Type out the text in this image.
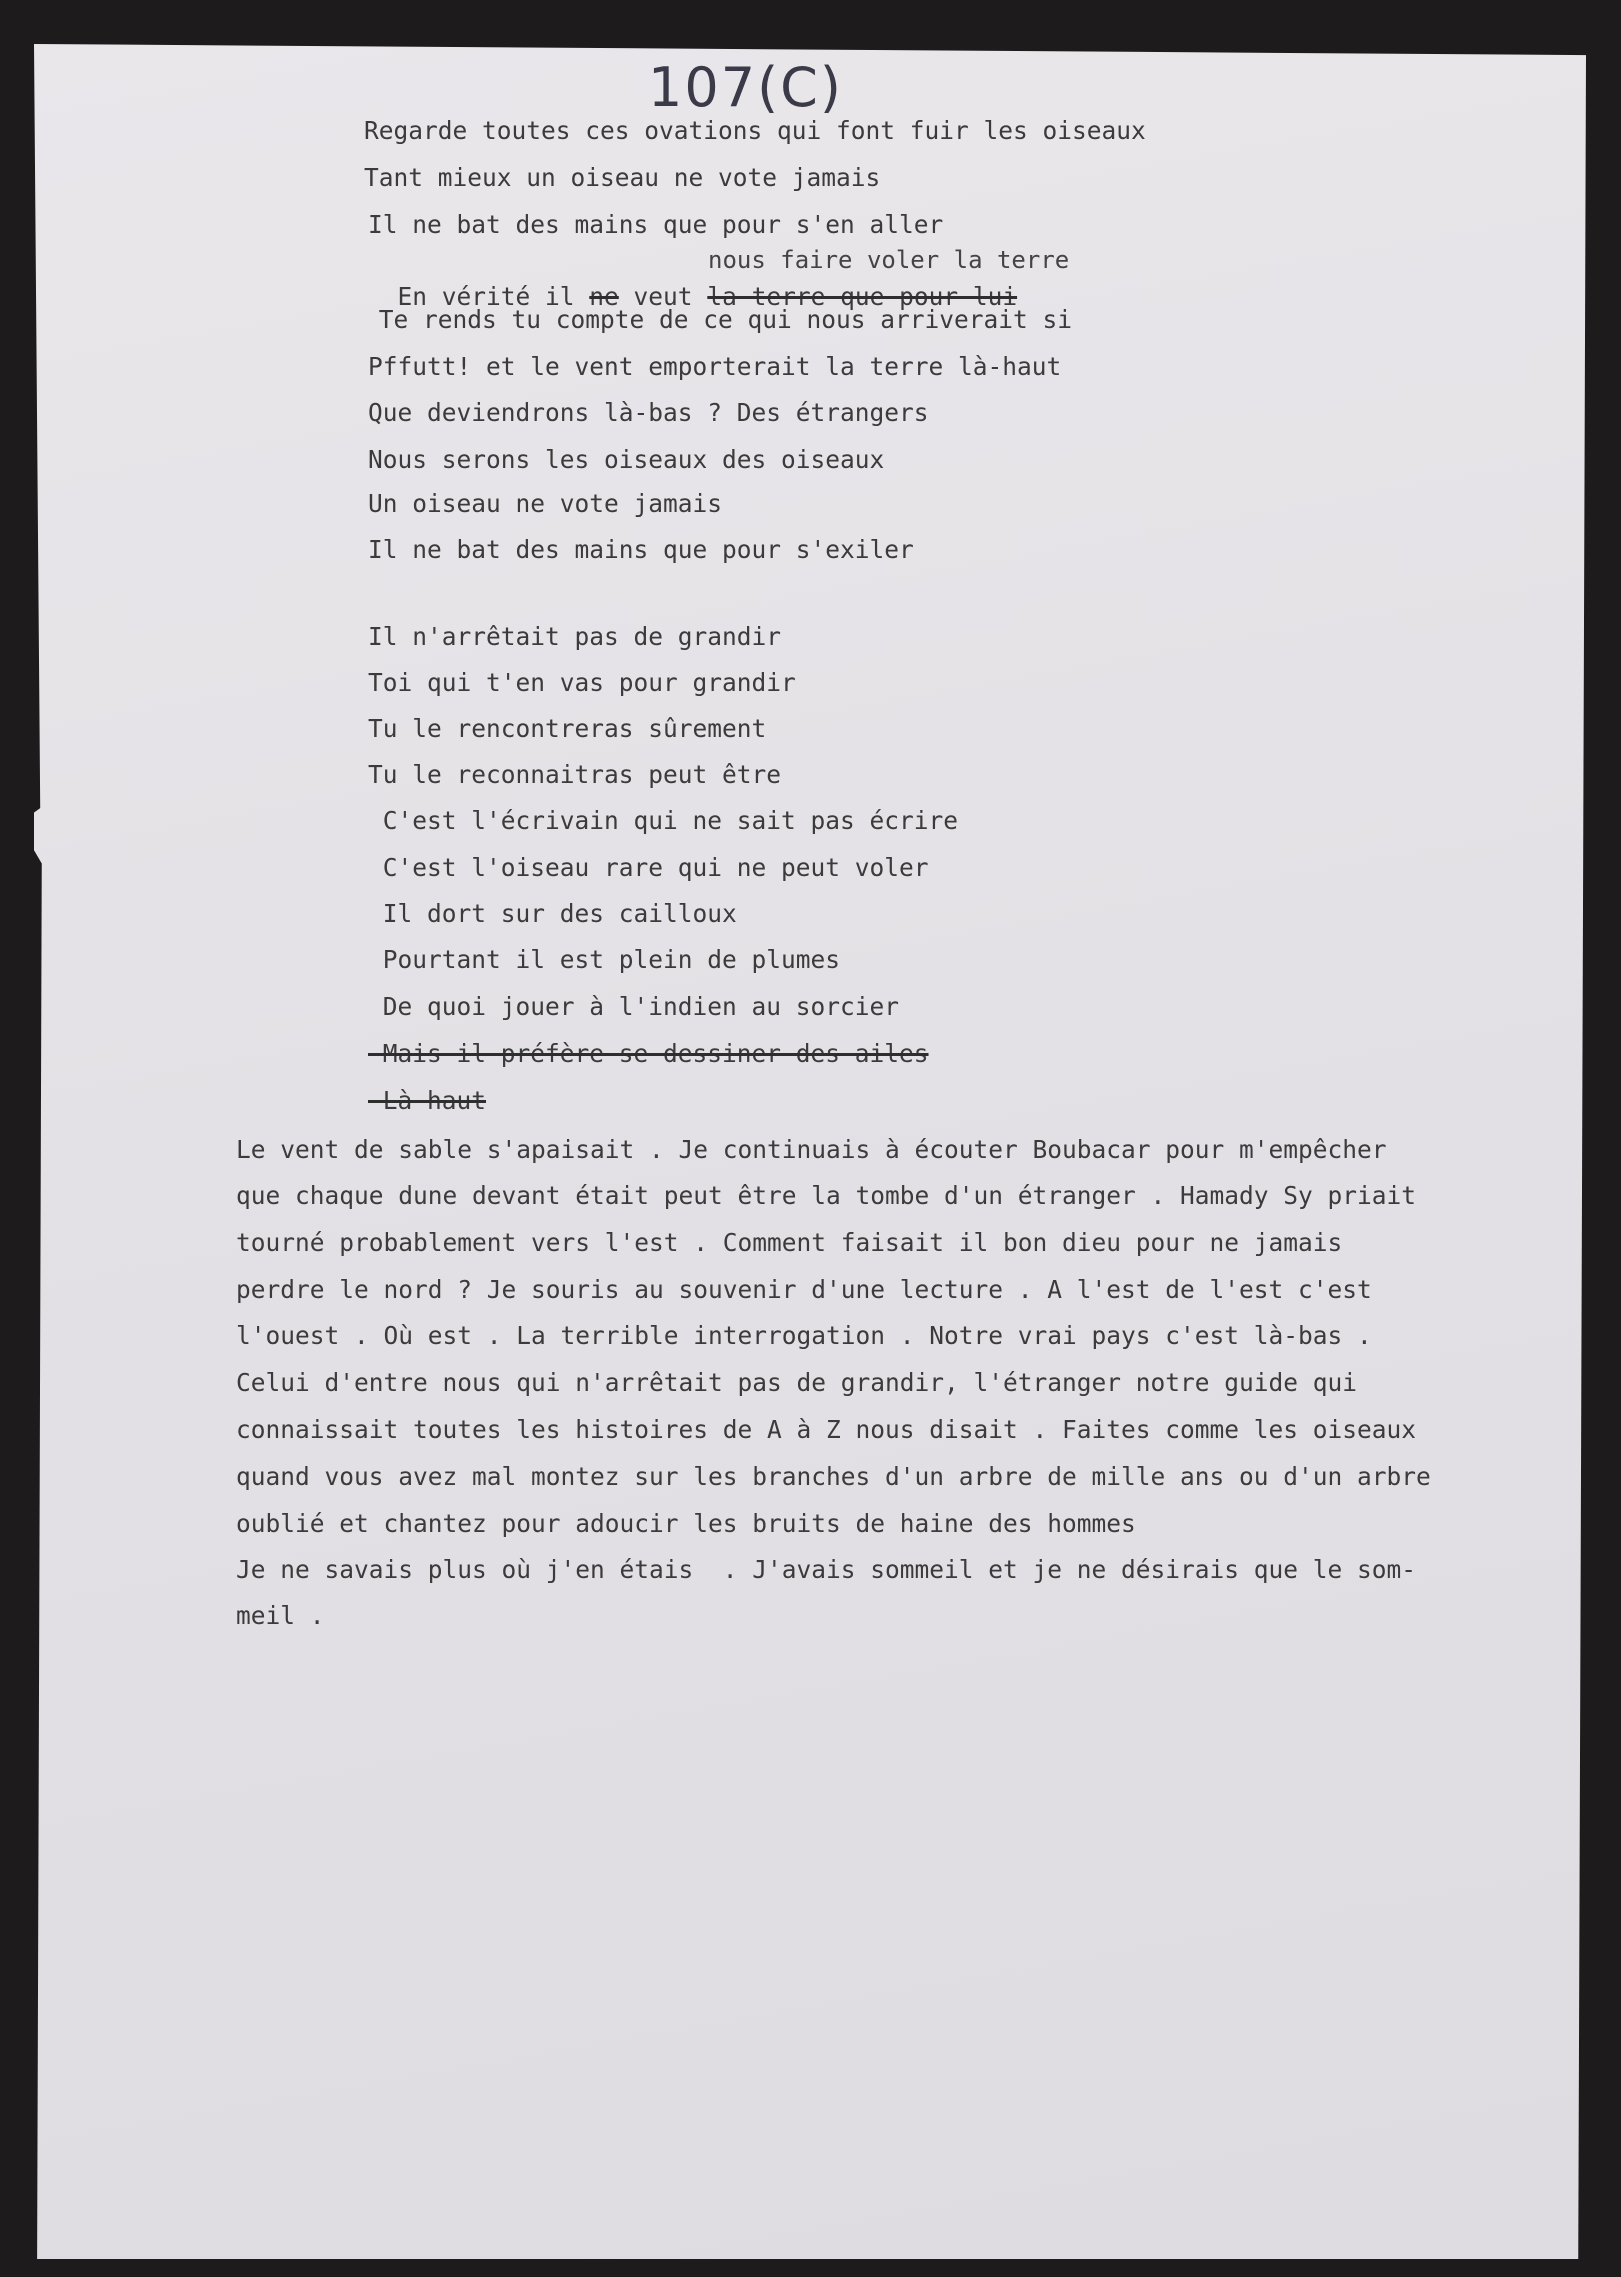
107(C)

Regarde toutes ces ovations qui font fuir les oiseaux

Tant mieux un oiseau ne vote jamais

Il ne bat des mains que pour s'en aller

nous faire voler la terre

En vérité il ne veut la terre que pour lui

Te rends tu compte de ce qui nous arriverait si

Pffutt! et le vent emporterait la terre là-haut

Que deviendrons là-bas ? Des étrangers

Nous serons les oiseaux des oiseaux

Un oiseau ne vote jamais

Il ne bat des mains que pour s'exiler

Il n'arrêtait pas de grandir

Toi qui t'en vas pour grandir

Tu le rencontreras sûrement

Tu le reconnaitras peut être

C'est l'écrivain qui ne sait pas écrire

C'est l'oiseau rare qui ne peut voler

Il dort sur des cailloux

Pourtant il est plein de plumes

De quoi jouer à l'indien au sorcier

Mais il préfère se dessiner des ailes

Là-haut

Le vent de sable s'apaisait . Je continuais à écouter Boubacar pour m'empêcher

que chaque dune devant était peut être la tombe d'un étranger . Hamady Sy priait

tourné probablement vers l'est . Comment faisait il bon dieu pour ne jamais

perdre le nord ? Je souris au souvenir d'une lecture . A l'est de l'est c'est

l'ouest . Où est . La terrible interrogation . Notre vrai pays c'est là-bas .

Celui d'entre nous qui n'arrêtait pas de grandir, l'étranger notre guide qui

connaissait toutes les histoires de A à Z nous disait . Faites comme les oiseaux

quand vous avez mal montez sur les branches d'un arbre de mille ans ou d'un arbre

oublié et chantez pour adoucir les bruits de haine des hommes

Je ne savais plus où j'en étais  . J'avais sommeil et je ne désirais que le som-

meil .
